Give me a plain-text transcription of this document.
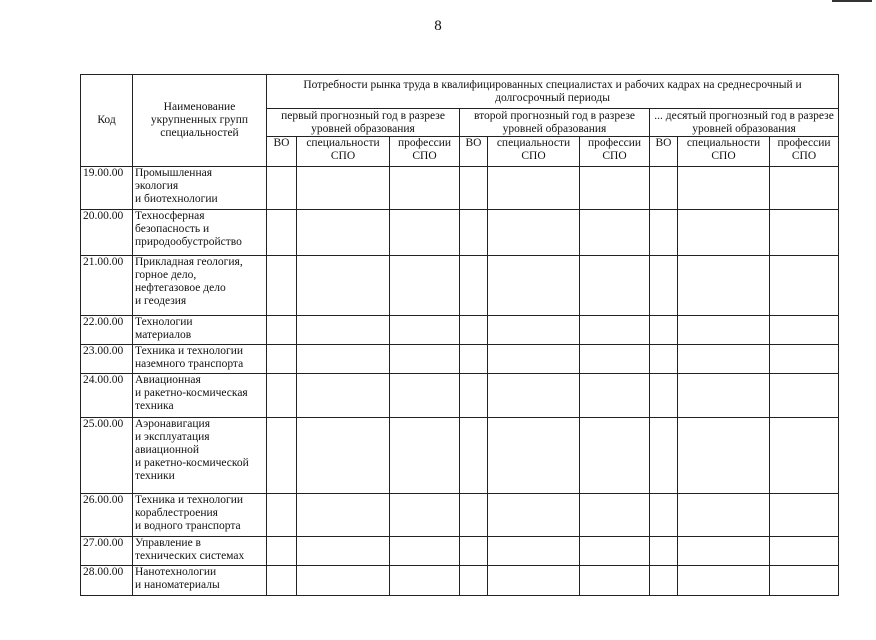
8
Код	Наименование
укрупненных групп
специальностей	Потребности рынка труда в квалифицированных специалистах и рабочих кадрах на среднесрочный и долгосрочный периоды								
		первый прогнозный год в разрезе уровней образования			второй прогнозный год в разрезе уровней образования			... десятый прогнозный год в разрезе уровней образования		
		ВО	специальности СПО	профессии СПО	ВО	специальности СПО	профессии СПО	ВО	специальности СПО	профессии СПО
19.00.00	Промышленная
экология
и биотехнологии									
20.00.00	Техносферная
безопасность и
природообустройство									
21.00.00	Прикладная геология,
горное дело,
нефтегазовое дело
и геодезия									
22.00.00	Технологии
материалов									
23.00.00	Техника и технологии
наземного транспорта									
24.00.00	Авиационная
и ракетно-космическая
техника									
25.00.00	Аэронавигация
и эксплуатация
авиационной
и ракетно-космической
техники									
26.00.00	Техника и технологии
кораблестроения
и водного транспорта									
27.00.00	Управление в
технических системах									
28.00.00	Нанотехнологии
и наноматериалы									
